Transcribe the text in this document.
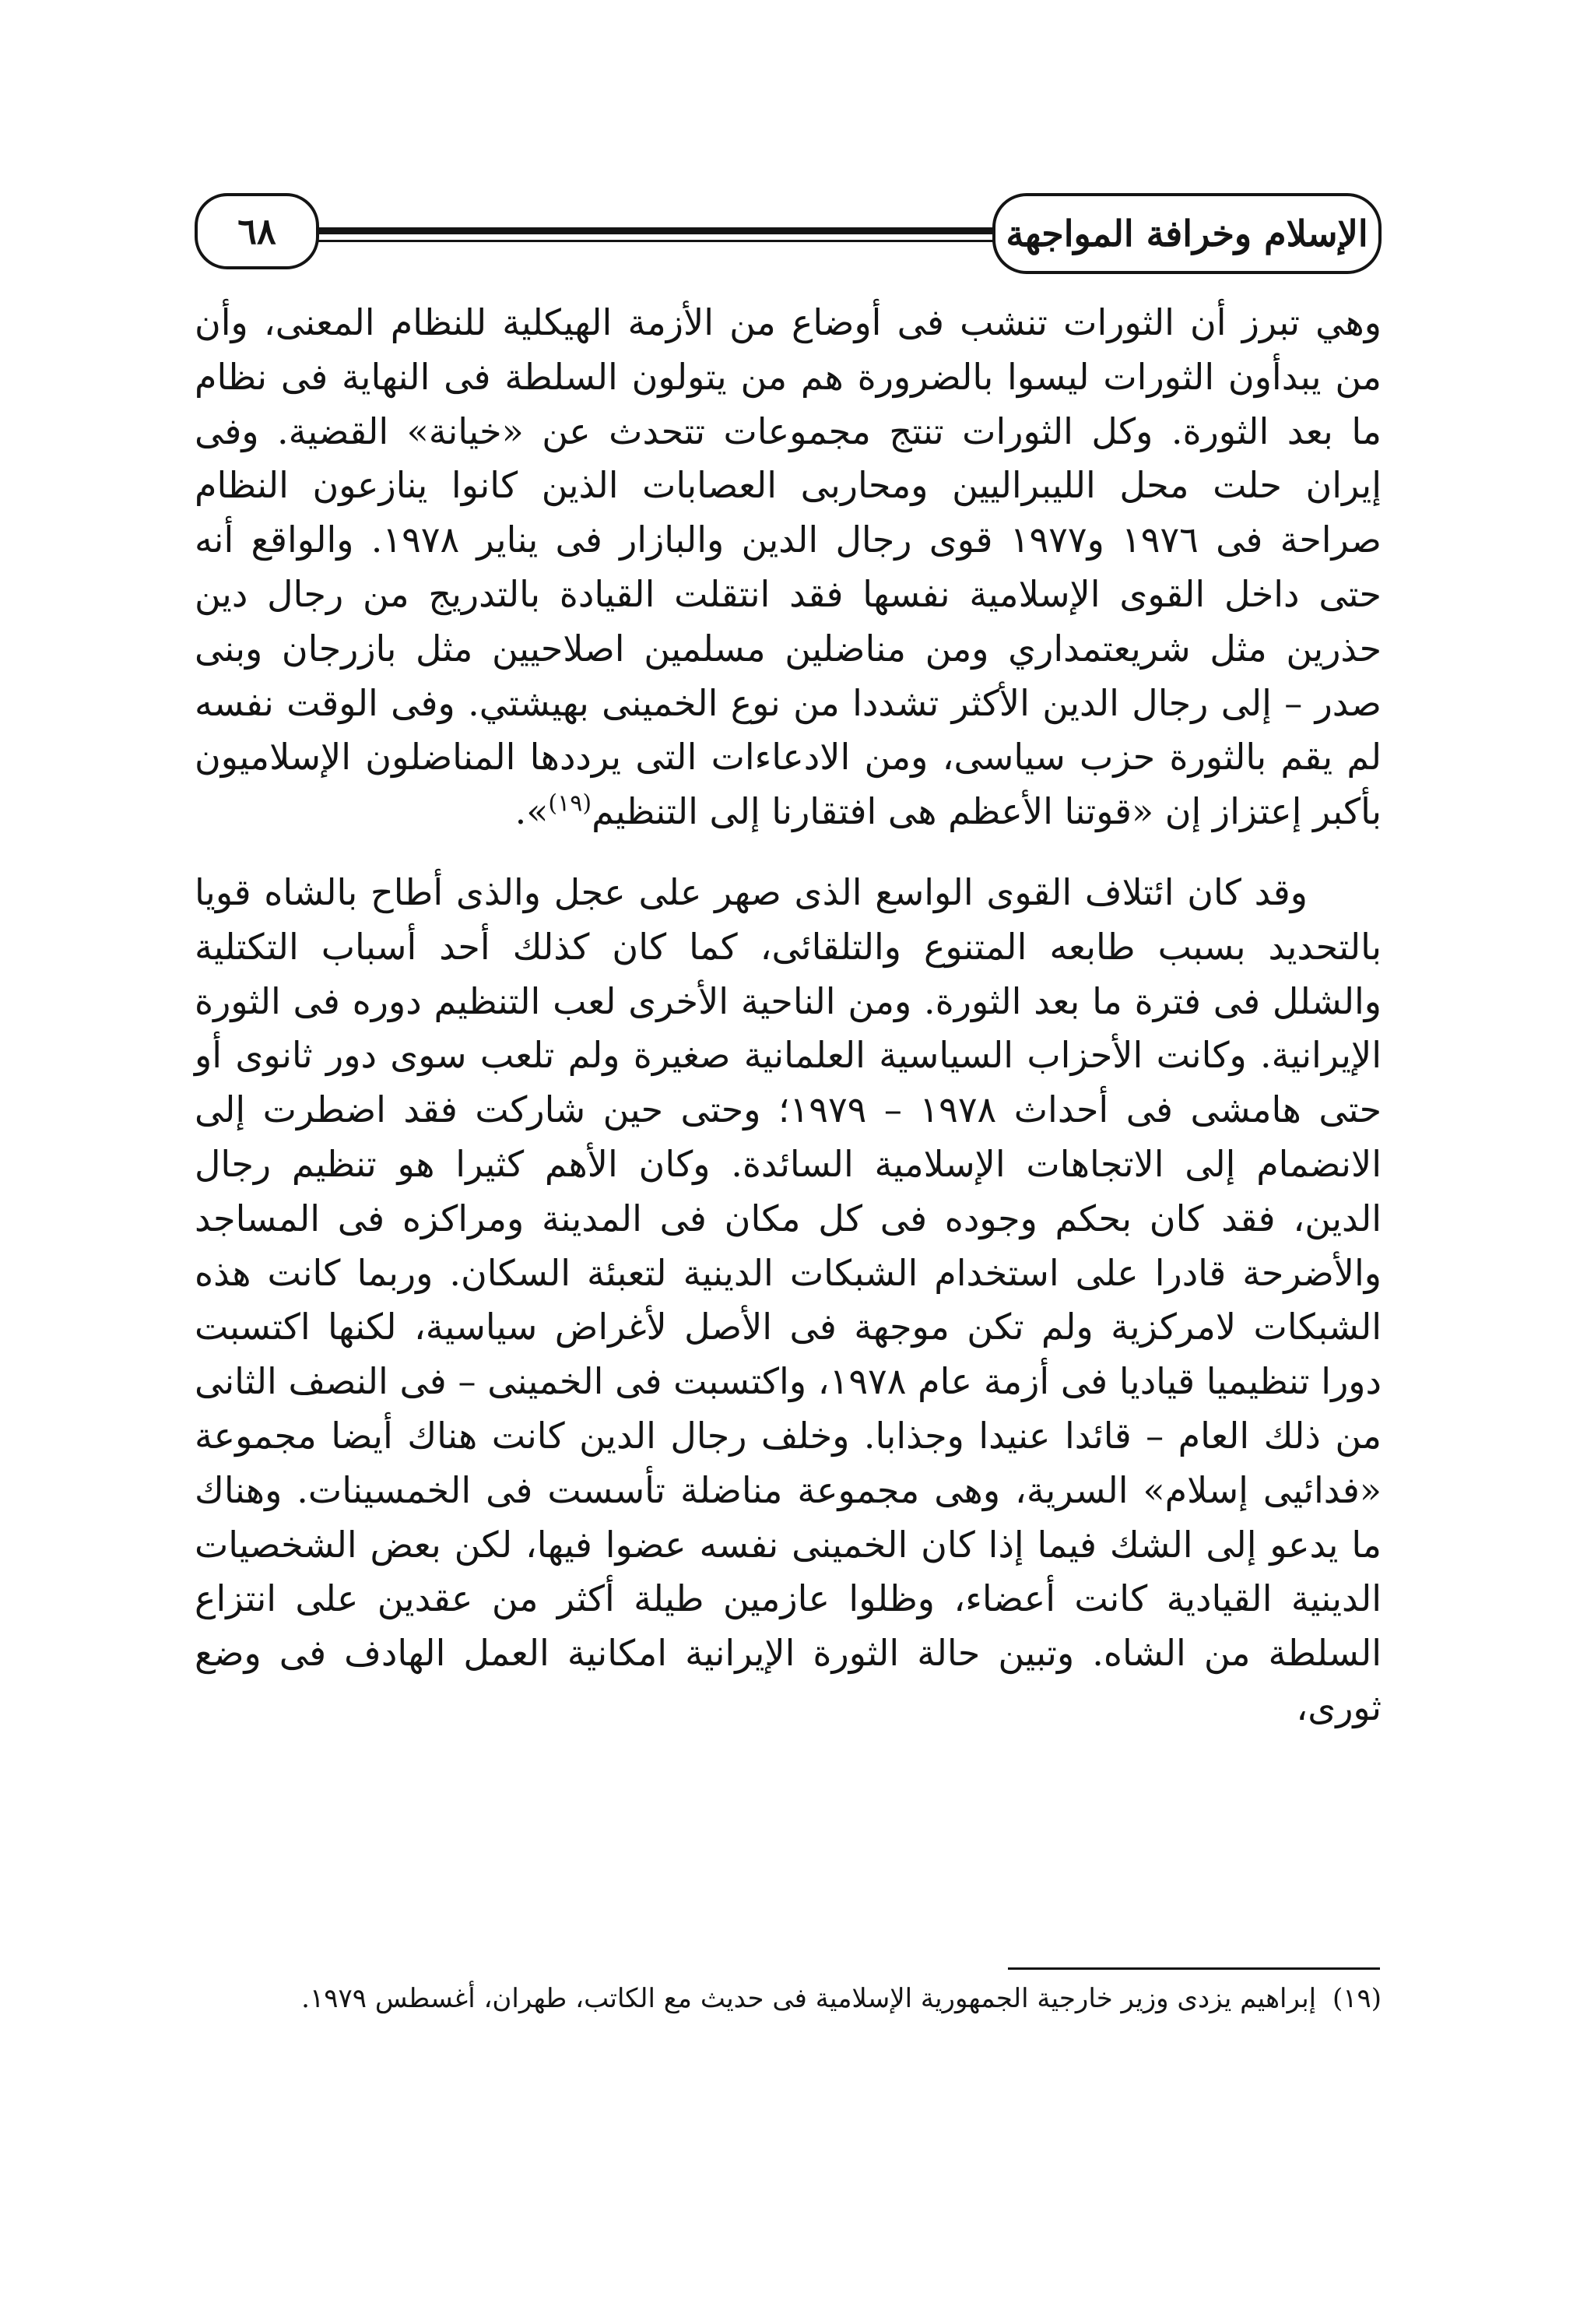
٦٨	الإسلام وخرافة المواجهة

وهي تبرز أن الثورات تنشب فى أوضاع من الأزمة الهيكلية للنظام المعنى، وأن من يبدأون الثورات ليسوا بالضرورة هم من يتولون السلطة فى النهاية فى نظام ما بعد الثورة. وكل الثورات تنتج مجموعات تتحدث عن «خيانة» القضية. وفى إيران حلت محل الليبراليين ومحاربى العصابات الذين كانوا ينازعون النظام صراحة فى ١٩٧٦ و١٩٧٧ قوى رجال الدين والبازار فى يناير ١٩٧٨. والواقع أنه حتى داخل القوى الإسلامية نفسها فقد انتقلت القيادة بالتدريج من رجال دين حذرين مثل شريعتمداري ومن مناضلين مسلمين اصلاحيين مثل بازرجان وبنى صدر – إلى رجال الدين الأكثر تشددا من نوع الخمينى بهيشتي. وفى الوقت نفسه لم يقم بالثورة حزب سياسى، ومن الادعاءات التى يرددها المناضلون الإسلاميون بأكبر إعتزاز إن «قوتنا الأعظم هى افتقارنا إلى التنظيم$^{(١٩)}$».

وقد كان ائتلاف القوى الواسع الذى صهر على عجل والذى أطاح بالشاه قويا بالتحديد بسبب طابعه المتنوع والتلقائى، كما كان كذلك أحد أسباب التكتلية والشلل فى فترة ما بعد الثورة. ومن الناحية الأخرى لعب التنظيم دوره فى الثورة الإيرانية. وكانت الأحزاب السياسية العلمانية صغيرة ولم تلعب سوى دور ثانوى أو حتى هامشى فى أحداث ١٩٧٨ – ١٩٧٩؛ وحتى حين شاركت فقد اضطرت إلى الانضمام إلى الاتجاهات الإسلامية السائدة. وكان الأهم كثيرا هو تنظيم رجال الدين، فقد كان بحكم وجوده فى كل مكان فى المدينة ومراكزه فى المساجد والأضرحة قادرا على استخدام الشبكات الدينية لتعبئة السكان. وربما كانت هذه الشبكات لامركزية ولم تكن موجهة فى الأصل لأغراض سياسية، لكنها اكتسبت دورا تنظيميا قياديا فى أزمة عام ١٩٧٨، واكتسبت فى الخمينى – فى النصف الثانى من ذلك العام – قائدا عنيدا وجذابا. وخلف رجال الدين كانت هناك أيضا مجموعة «فدائيى إسلام» السرية، وهى مجموعة مناضلة تأسست فى الخمسينات. وهناك ما يدعو إلى الشك فيما إذا كان الخمينى نفسه عضوا فيها، لكن بعض الشخصيات الدينية القيادية كانت أعضاء، وظلوا عازمين طيلة أكثر من عقدين على انتزاع السلطة من الشاه. وتبين حالة الثورة الإيرانية امكانية العمل الهادف فى وضع ثورى،

(١٩) إبراهيم يزدى وزير خارجية الجمهورية الإسلامية فى حديث مع الكاتب، طهران، أغسطس ١٩٧٩.
